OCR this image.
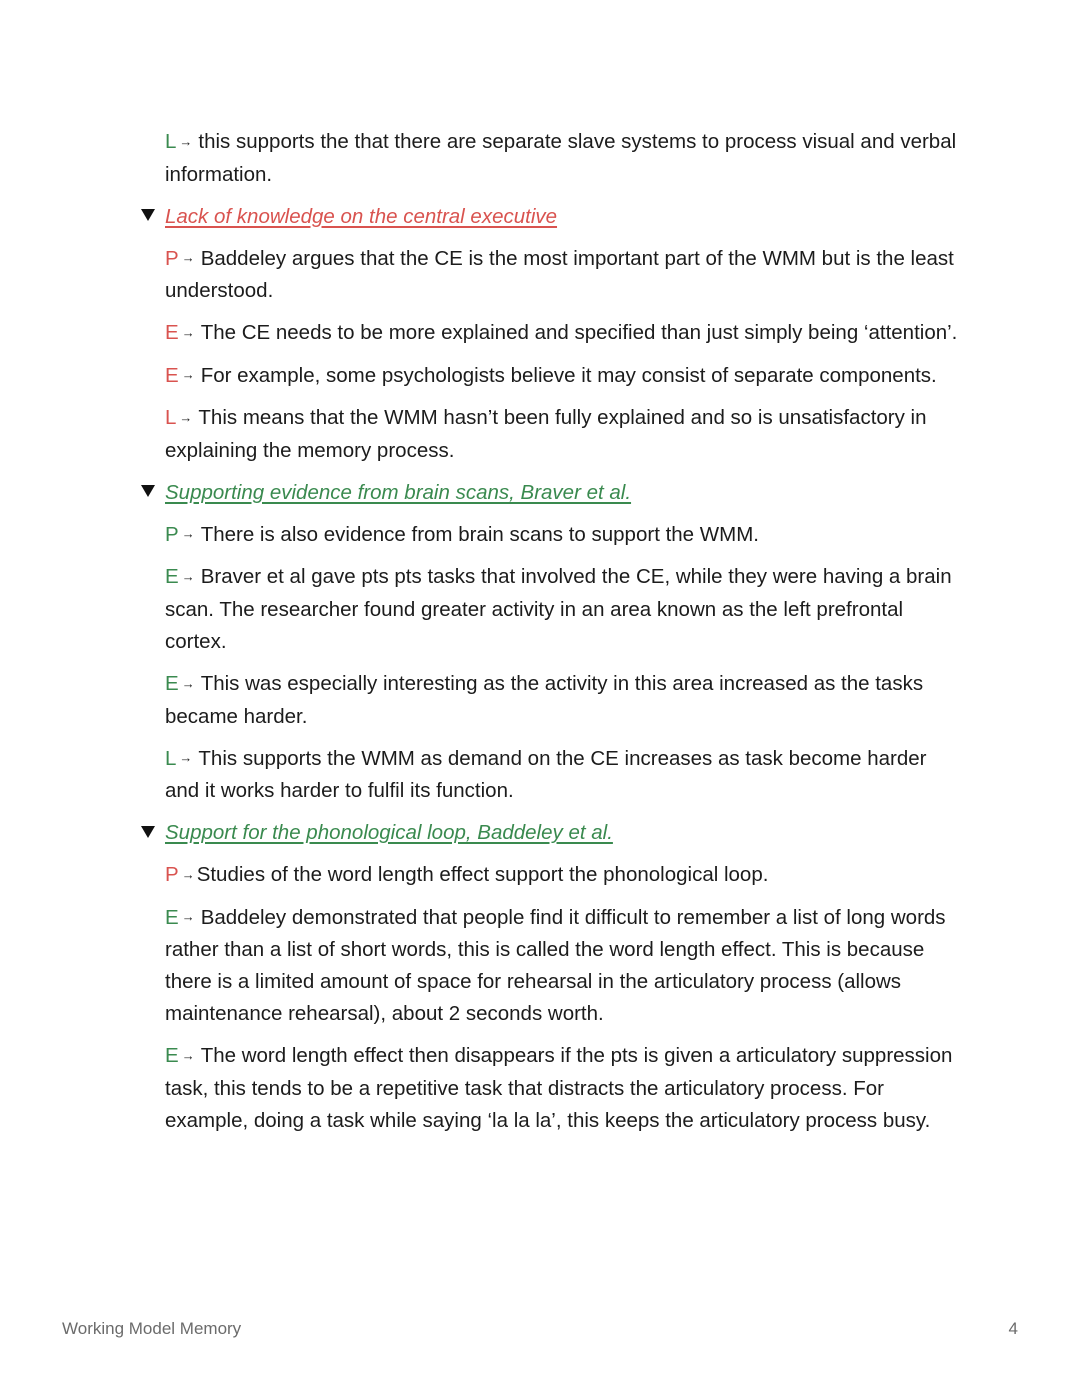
L → this supports the that there are separate slave systems to process visual and verbal information.
Lack of knowledge on the central executive
P → Baddeley argues that the CE is the most important part of the WMM but is the least understood.
E → The CE needs to be more explained and specified than just simply being ‘attention’.
E → For example, some psychologists believe it may consist of separate components.
L → This means that the WMM hasn’t been fully explained and so is unsatisfactory in explaining the memory process.
Supporting evidence from brain scans, Braver et al.
P → There is also evidence from brain scans to support the WMM.
E → Braver et al gave pts pts tasks that involved the CE, while they were having a brain scan. The researcher found greater activity in an area known as the left prefrontal cortex.
E → This was especially interesting as the activity in this area increased as the tasks became harder.
L → This supports the WMM as demand on the CE increases as task become harder and it works harder to fulfil its function.
Support for the phonological loop, Baddeley et al.
P →Studies of the word length effect support the phonological loop.
E → Baddeley demonstrated that people find it difficult to remember a list of long words rather than a list of short words, this is called the word length effect. This is because there is a limited amount of space for rehearsal in the articulatory process (allows maintenance rehearsal), about 2 seconds worth.
E → The word length effect then disappears if the pts is given a articulatory suppression task, this tends to be a repetitive task that distracts the articulatory process. For example, doing a task while saying ‘la la la’, this keeps the articulatory process busy.
Working Model Memory	4
